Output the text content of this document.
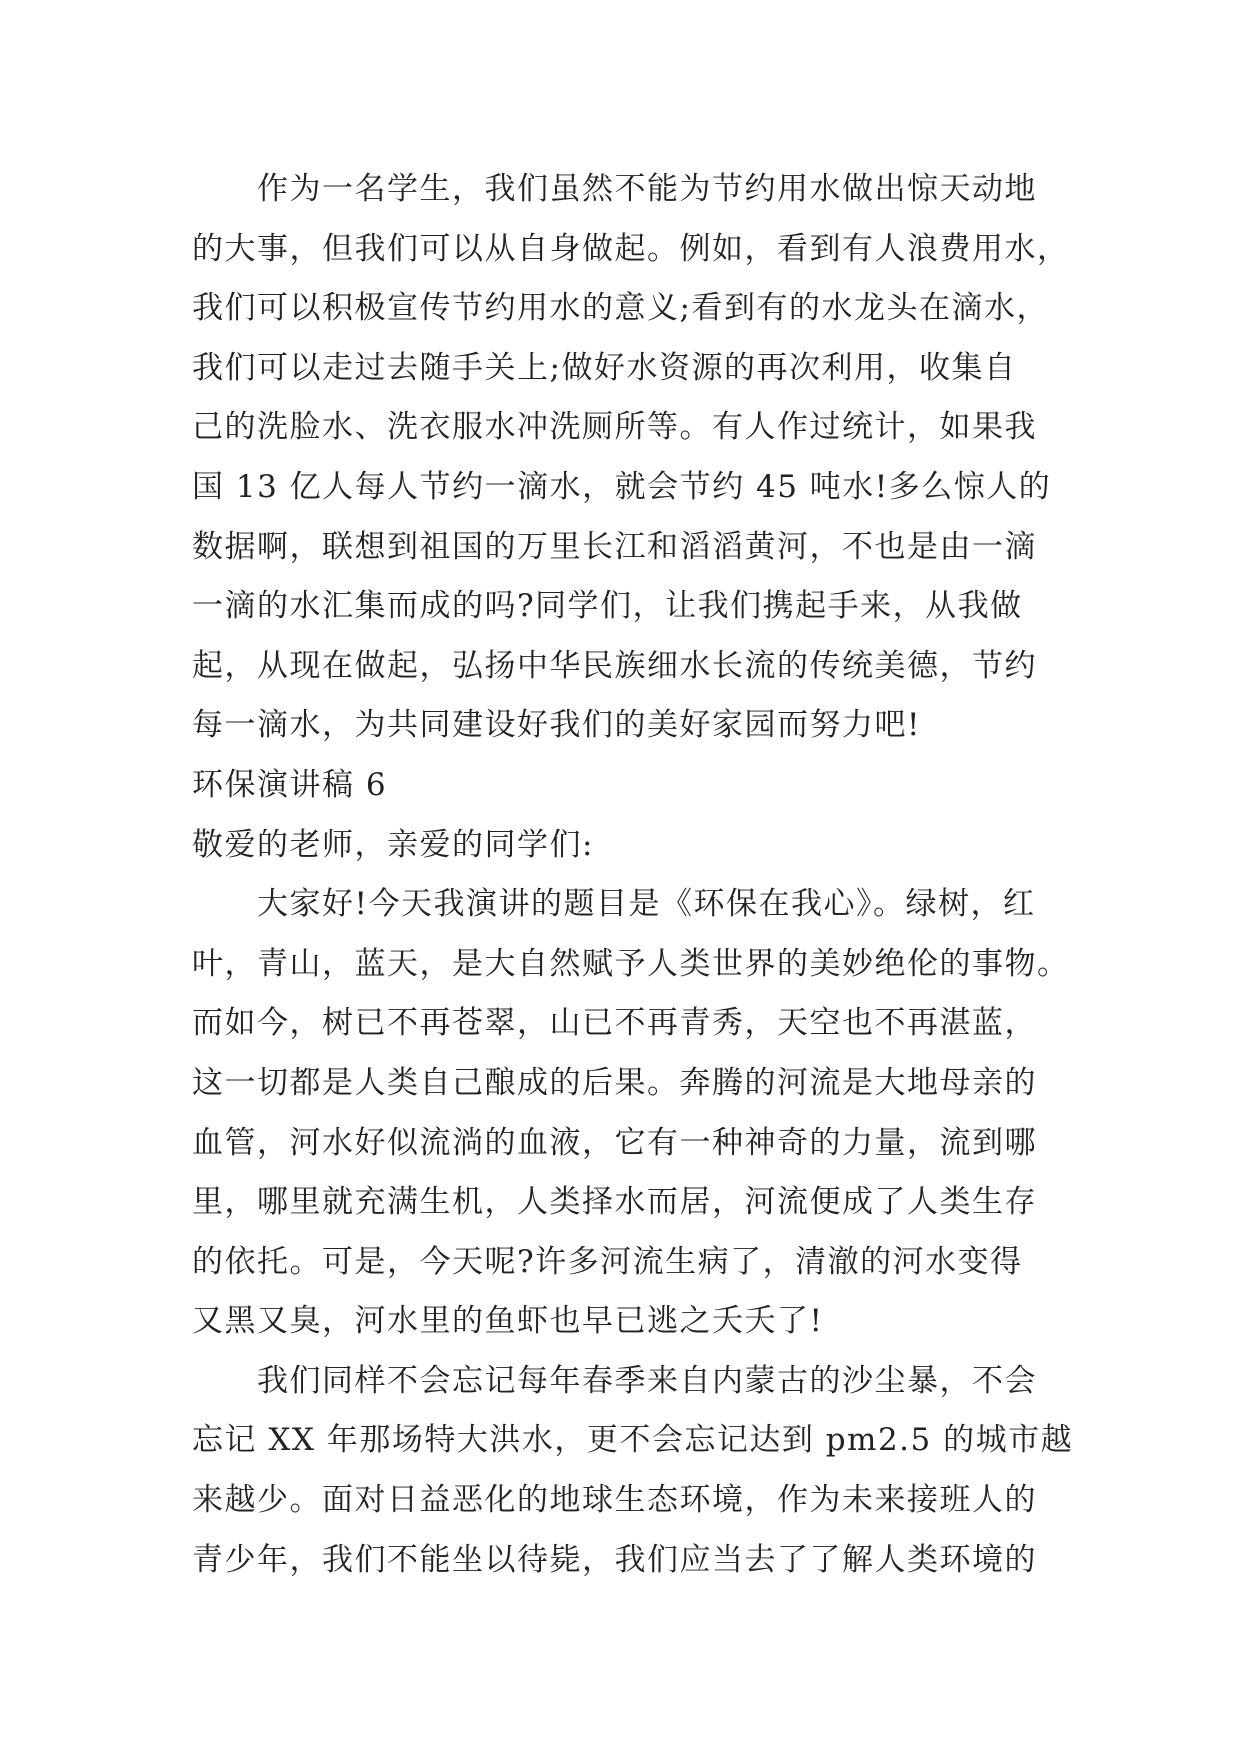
作为一名学生，我们虽然不能为节约用水做出惊天动地
的大事，但我们可以从自身做起。例如，看到有人浪费用水，
我们可以积极宣传节约用水的意义;看到有的水龙头在滴水，
我们可以走过去随手关上;做好水资源的再次利用，收集自
己的洗脸水、洗衣服水冲洗厕所等。有人作过统计，如果我
国 13 亿人每人节约一滴水，就会节约 45 吨水!多么惊人的
数据啊，联想到祖国的万里长江和滔滔黄河，不也是由一滴
一滴的水汇集而成的吗?同学们，让我们携起手来，从我做
起，从现在做起，弘扬中华民族细水长流的传统美德，节约
每一滴水，为共同建设好我们的美好家园而努力吧!
环保演讲稿 6
敬爱的老师，亲爱的同学们:
大家好!今天我演讲的题目是《环保在我心》。绿树，红
叶，青山，蓝天，是大自然赋予人类世界的美妙绝伦的事物。
而如今，树已不再苍翠，山已不再青秀，天空也不再湛蓝，
这一切都是人类自己酿成的后果。奔腾的河流是大地母亲的
血管，河水好似流淌的血液，它有一种神奇的力量，流到哪
里，哪里就充满生机，人类择水而居，河流便成了人类生存
的依托。可是，今天呢?许多河流生病了，清澈的河水变得
又黑又臭，河水里的鱼虾也早已逃之夭夭了!
我们同样不会忘记每年春季来自内蒙古的沙尘暴，不会
忘记 XX 年那场特大洪水，更不会忘记达到 pm2.5 的城市越
来越少。面对日益恶化的地球生态环境，作为未来接班人的
青少年，我们不能坐以待毙，我们应当去了了解人类环境的
